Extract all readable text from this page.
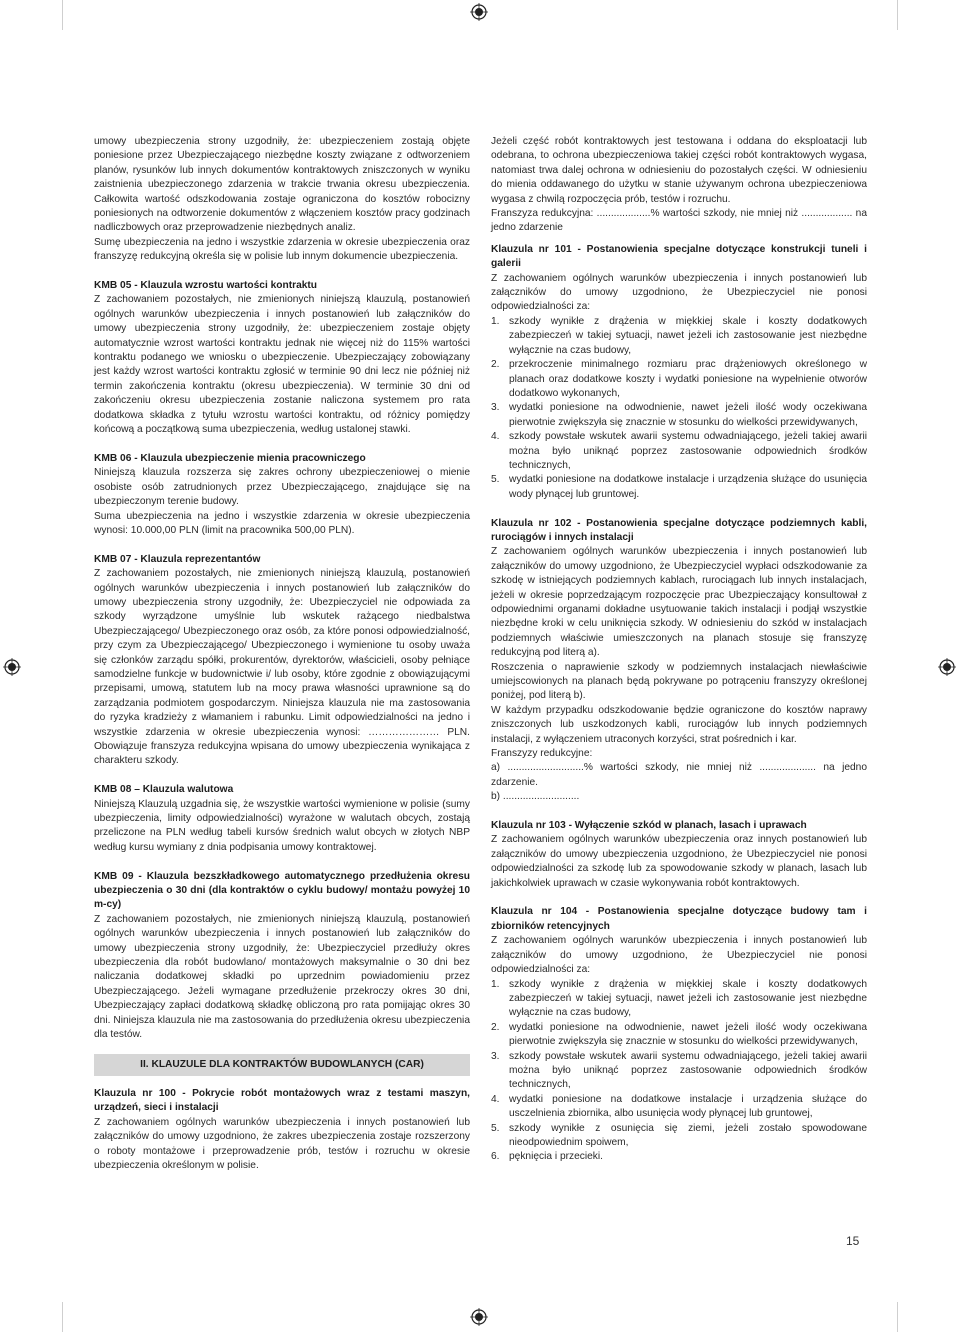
umowy ubezpieczenia strony uzgodniły, że: ubezpieczeniem zostają objęte poniesione przez Ubezpieczającego niezbędne koszty związane z odtworzeniem planów, rysunków lub innych dokumentów kontraktowych zniszczonych w wyniku zaistnienia ubezpieczonego zdarzenia w trakcie trwania okresu ubezpieczenia. Całkowita wartość odszkodowania zostaje ograniczona do kosztów robocizny poniesionych na odtworzenie dokumentów z włączeniem kosztów pracy godzinach nadliczbowych oraz przeprowadzenie niezbędnych analiz.

Sumę ubezpieczenia na jedno i wszystkie zdarzenia w okresie ubezpieczenia oraz franszyzę redukcyjną określa się w polisie lub innym dokumencie ubezpieczenia.

KMB 05 - Klauzula wzrostu wartości kontraktu

Z zachowaniem pozostałych, nie zmienionych niniejszą klauzulą, postanowień ogólnych warunków ubezpieczenia i innych postanowień lub załączników do umowy ubezpieczenia strony uzgodniły, że: ubezpieczeniem zostaje objęty automatycznie wzrost wartości kontraktu jednak nie więcej niż do 115% wartości kontraktu podanego we wniosku o ubezpieczenie. Ubezpieczający zobowiązany jest każdy wzrost wartości kontraktu zgłosić w terminie 90 dni lecz nie później niż termin zakończenia kontraktu (okresu ubezpieczenia). W terminie 30 dni od zakończeniu okresu ubezpieczenia zostanie naliczona systemem pro rata dodatkowa składka z tytułu wzrostu wartości kontraktu, od różnicy pomiędzy końcową a początkową suma ubezpieczenia, według ustalonej stawki.

KMB 06 - Klauzula ubezpieczenie mienia pracowniczego

Niniejszą klauzula rozszerza się zakres ochrony ubezpieczeniowej o mienie osobiste osób zatrudnionych przez Ubezpieczającego, znajdujące się na ubezpieczonym terenie budowy.

Suma ubezpieczenia na jedno i wszystkie zdarzenia w okresie ubezpieczenia wynosi: 10.000,00 PLN (limit na pracownika 500,00 PLN).

KMB 07 - Klauzula reprezentantów

Z zachowaniem pozostałych, nie zmienionych niniejszą klauzulą, postanowień ogólnych warunków ubezpieczenia i innych postanowień lub załączników do umowy ubezpieczenia strony uzgodniły, że: Ubezpieczyciel nie odpowiada za szkody wyrządzone umyślnie lub wskutek rażącego niedbalstwa Ubezpieczającego/ Ubezpieczonego oraz osób, za które ponosi odpowiedzialność, przy czym za Ubezpieczającego/ Ubezpieczonego i wymienione tu osoby uważa się członków zarządu spółki, prokurentów, dyrektorów, właścicieli, osoby pełniące samodzielne funkcje w budownictwie i/ lub osoby, które zgodnie z obowiązującymi przepisami, umową, statutem lub na mocy prawa własności uprawnione są do zarządzania podmiotem gospodarczym. Niniejsza klauzula nie ma zastosowania do ryzyka kradzieży z włamaniem i rabunku. Limit odpowiedzialności na jedno i wszystkie zdarzenia w okresie ubezpieczenia wynosi: ………………… PLN. Obowiązuje franszyza redukcyjna wpisana do umowy ubezpieczenia wynikająca z charakteru szkody.

KMB 08 – Klauzula walutowa

Niniejszą Klauzulą uzgadnia się, że wszystkie wartości wymienione w polisie (sumy ubezpieczenia, limity odpowiedzialności) wyrażone w walutach obcych, zostają przeliczone na PLN według tabeli kursów średnich walut obcych w złotych NBP według kursu wymiany z dnia podpisania umowy kontraktowej.

KMB 09 - Klauzula bezszkładkowego automatycznego przedłużenia okresu ubezpieczenia o 30 dni (dla kontraktów o cyklu budowy/ montażu powyżej 10 m-cy)

Z zachowaniem pozostałych, nie zmienionych niniejszą klauzulą, postanowień ogólnych warunków ubezpieczenia i innych postanowień lub załączników do umowy ubezpieczenia strony uzgodniły, że: Ubezpieczyciel przedłuży okres ubezpieczenia dla robót budowlano/ montażowych maksymalnie o 30 dni bez naliczania dodatkowej składki po uprzednim powiadomieniu przez Ubezpieczającego. Jeżeli wymagane przedłużenie przekroczy okres 30 dni, Ubezpieczający zapłaci dodatkową składkę obliczoną pro rata pomijając okres 30 dni. Niniejsza klauzula nie ma zastosowania do przedłużenia okresu ubezpieczenia dla testów.

II. KLAUZULE DLA KONTRAKTÓW BUDOWLANYCH (CAR)
Klauzula nr 100 - Pokrycie robót montażowych wraz z testami maszyn, urządzeń, sieci i instalacji

Z zachowaniem ogólnych warunków ubezpieczenia i innych postanowień lub załączników do umowy uzgodniono, że zakres ubezpieczenia zostaje rozszerzony o roboty montażowe i przeprowadzenie prób, testów i rozruchu w okresie ubezpieczenia określonym w polisie.

Jeżeli część robót kontraktowych jest testowana i oddana do eksploatacji lub odebrana, to ochrona ubezpieczeniowa takiej części robót kontraktowych wygasa, natomiast trwa dalej ochrona w odniesieniu do pozostałych części. W odniesieniu do mienia oddawanego do użytku w stanie używanym ochrona ubezpieczeniowa wygasa z chwilą rozpoczęcia prób, testów i rozruchu.

Franszyza redukcyjna: ...................% wartości szkody, nie mniej niż .................. na jedno zdarzenie

Klauzula nr 101 - Postanowienia specjalne dotyczące konstrukcji tuneli i galerii

Z zachowaniem ogólnych warunków ubezpieczenia i innych postanowień lub załączników do umowy uzgodniono, że Ubezpieczyciel nie ponosi odpowiedzialności za:

1. szkody wynikłe z drążenia w miękkiej skale i koszty dodatkowych zabezpieczeń w takiej sytuacji, nawet jeżeli ich zastosowanie jest niezbędne wyłącznie na czas budowy,
2. przekroczenie minimalnego rozmiaru prac drążeniowych określonego w planach oraz dodatkowe koszty i wydatki poniesione na wypełnienie otworów dodatkowo wykonanych,
3. wydatki poniesione na odwodnienie, nawet jeżeli ilość wody oczekiwana pierwotnie zwiększyła się znacznie w stosunku do wielkości przewidywanych,
4. szkody powstałe wskutek awarii systemu odwadniającego, jeżeli takiej awarii można było uniknąć poprzez zastosowanie odpowiednich środków technicznych,
5. wydatki poniesione na dodatkowe instalacje i urządzenia służące do usunięcia wody płynącej lub gruntowej.
Klauzula nr 102 - Postanowienia specjalne dotyczące podziemnych kabli, rurociągów i innych instalacji

Z zachowaniem ogólnych warunków ubezpieczenia i innych postanowień lub załączników do umowy uzgodniono, że Ubezpieczyciel wypłaci odszkodowanie za szkodę w istniejących podziemnych kablach, rurociągach lub innych instalacjach, jeżeli w okresie poprzedzającym rozpoczęcie prac Ubezpieczający konsultował z odpowiednimi organami dokładne usytuowanie takich instalacji i podjął wszystkie niezbędne kroki w celu uniknięcia szkody. W odniesieniu do szkód w instalacjach podziemnych właściwie umieszczonych na planach stosuje się franszyzę redukcyjną pod literą a).

Roszczenia o naprawienie szkody w podziemnych instalacjach niewłaściwie umiejscowionych na planach będą pokrywane po potrąceniu franszyzy określonej poniżej, pod literą b).

W każdym przypadku odszkodowanie będzie ograniczone do kosztów naprawy zniszczonych lub uszkodzonych kabli, rurociągów lub innych podziemnych instalacji, z wyłączeniem utraconych korzyści, strat pośrednich i kar.

Franszyzy redukcyjne:

a) ...........................% wartości szkody, nie mniej niż .................... na jedno zdarzenie.

b) ...........................

Klauzula nr 103 - Wyłączenie szkód w planach, lasach i uprawach

Z zachowaniem ogólnych warunków ubezpieczenia oraz innych postanowień lub załączników do umowy ubezpieczenia uzgodniono, że Ubezpieczyciel nie ponosi odpowiedzialności za szkodę lub za spowodowanie szkody w planach, lasach lub jakichkolwiek uprawach w czasie wykonywania robót kontraktowych.

Klauzula nr 104 - Postanowienia specjalne dotyczące budowy tam i zbiorników retencyjnych

Z zachowaniem ogólnych warunków ubezpieczenia i innych postanowień lub załączników do umowy uzgodniono, że Ubezpieczyciel nie ponosi odpowiedzialności za:

1. szkody wynikłe z drążenia w miękkiej skale i koszty dodatkowych zabezpieczeń w takiej sytuacji, nawet jeżeli ich zastosowanie jest niezbędne wyłącznie na czas budowy,
2. wydatki poniesione na odwodnienie, nawet jeżeli ilość wody oczekiwana pierwotnie zwiększyła się znacznie w stosunku do wielkości przewidywanych,
3. szkody powstałe wskutek awarii systemu odwadniającego, jeżeli takiej awarii można było uniknąć poprzez zastosowanie odpowiednich środków technicznych,
4. wydatki poniesione na dodatkowe instalacje i urządzenia służące do usczelnienia zbiornika, albo usunięcia wody płynącej lub gruntowej,
5. szkody wynikłe z osunięcia się ziemi, jeżeli zostało spowodowane nieodpowiednim spoiwem,
6. pęknięcia i przecieki.
15
